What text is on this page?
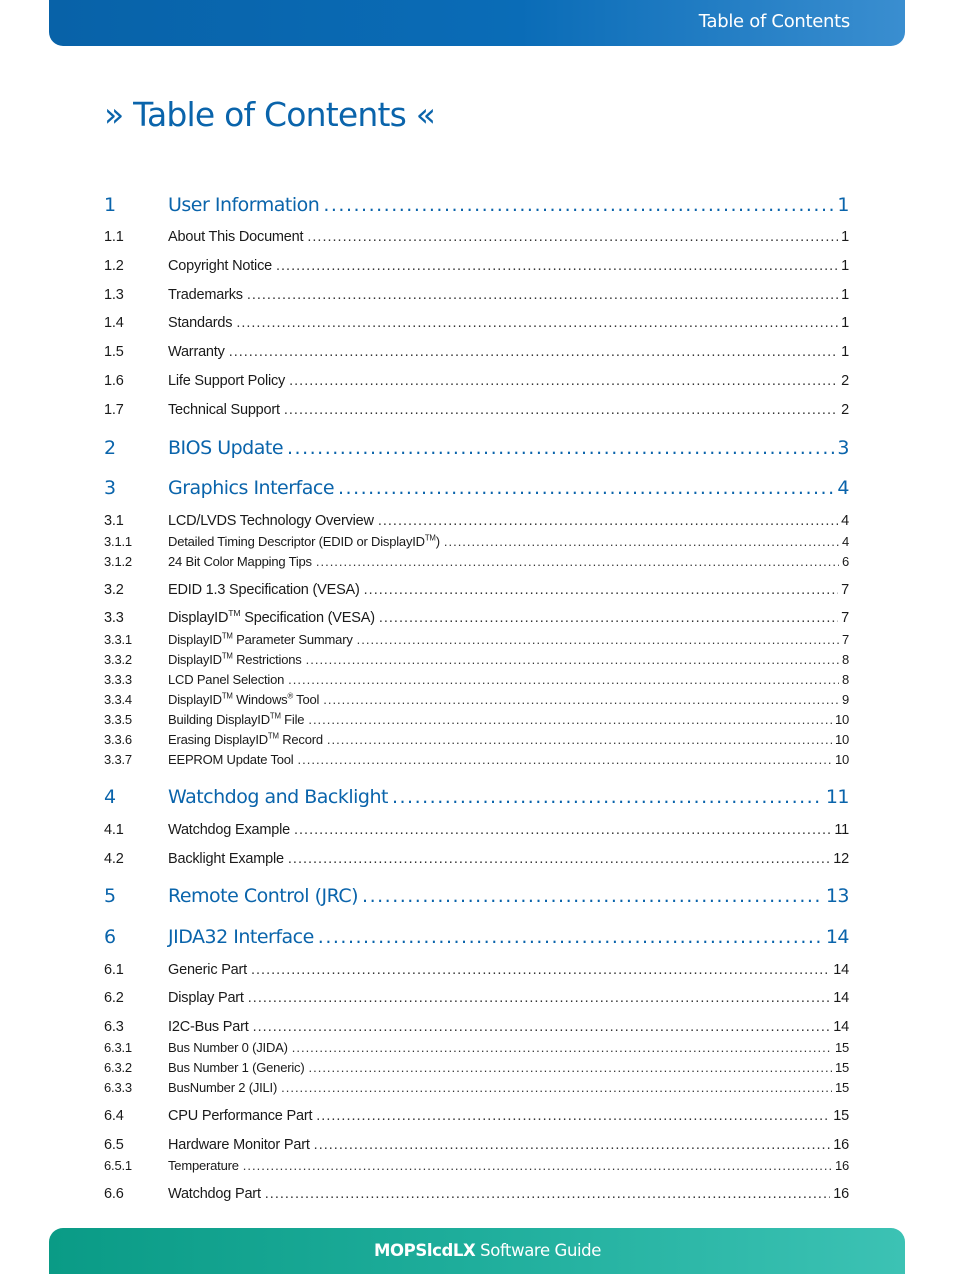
Table of Contents
» Table of Contents «
1	User Information .....	1
1.1	About This Document .....	1
1.2	Copyright Notice .....	1
1.3	Trademarks .....	1
1.4	Standards .....	1
1.5	Warranty .....	1
1.6	Life Support Policy .....	2
1.7	Technical Support .....	2
2	BIOS Update .....	3
3	Graphics Interface .....	4
3.1	LCD/LVDS Technology Overview .....	4
3.1.1	Detailed Timing Descriptor (EDID or DisplayID™) .....	4
3.1.2	24 Bit Color Mapping Tips .....	6
3.2	EDID 1.3 Specification (VESA) .....	7
3.3	DisplayID™ Specification (VESA) .....	7
3.3.1	DisplayID™ Parameter Summary .....	7
3.3.2	DisplayID™ Restrictions .....	8
3.3.3	LCD Panel Selection .....	8
3.3.4	DisplayID™ Windows® Tool .....	9
3.3.5	Building DisplayID™ File .....	10
3.3.6	Erasing DisplayID™ Record .....	10
3.3.7	EEPROM Update Tool .....	10
4	Watchdog and Backlight .....	11
4.1	Watchdog Example .....	11
4.2	Backlight Example .....	12
5	Remote Control (JRC) .....	13
6	JIDA32 Interface .....	14
6.1	Generic Part .....	14
6.2	Display Part .....	14
6.3	I2C-Bus Part .....	14
6.3.1	Bus Number 0 (JIDA) .....	15
6.3.2	Bus Number 1 (Generic) .....	15
6.3.3	BusNumber 2 (JILI) .....	15
6.4	CPU Performance Part .....	15
6.5	Hardware Monitor Part .....	16
6.5.1	Temperature .....	16
6.6	Watchdog Part .....	16
MOPSlcdLX Software Guide
